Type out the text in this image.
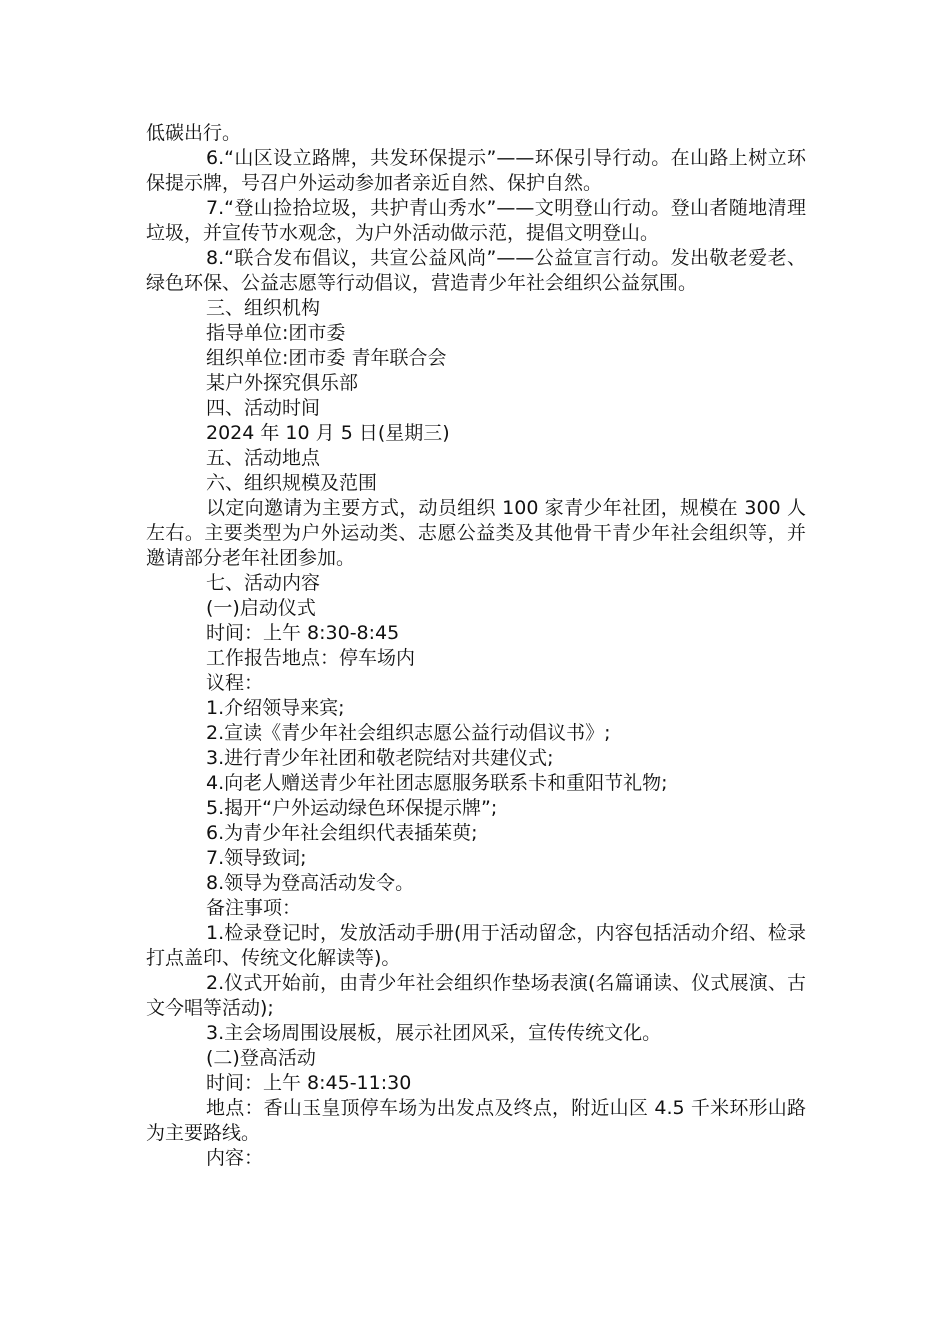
低碳出行。

6.“山区设立路牌，共发环保提示”——环保引导行动。在山路上树立环保提示牌，号召户外运动参加者亲近自然、保护自然。

7.“登山捡拾垃圾，共护青山秀水”——文明登山行动。登山者随地清理垃圾，并宣传节水观念，为户外活动做示范，提倡文明登山。

8.“联合发布倡议，共宣公益风尚”——公益宣言行动。发出敬老爱老、绿色环保、公益志愿等行动倡议，营造青少年社会组织公益氛围。

三、组织机构

指导单位:团市委

组织单位:团市委 青年联合会

某户外探究俱乐部

四、活动时间

2024 年 10 月 5 日(星期三)

五、活动地点

六、组织规模及范围

以定向邀请为主要方式，动员组织 100 家青少年社团，规模在 300 人左右。主要类型为户外运动类、志愿公益类及其他骨干青少年社会组织等，并邀请部分老年社团参加。

七、活动内容

(一)启动仪式

时间：上午 8:30-8:45

工作报告地点：停车场内

议程：

1.介绍领导来宾;

2.宣读《青少年社会组织志愿公益行动倡议书》;

3.进行青少年社团和敬老院结对共建仪式;

4.向老人赠送青少年社团志愿服务联系卡和重阳节礼物;

5.揭开“户外运动绿色环保提示牌”;

6.为青少年社会组织代表插茱萸;

7.领导致词;

8.领导为登高活动发令。

备注事项：

1.检录登记时，发放活动手册(用于活动留念，内容包括活动介绍、检录打点盖印、传统文化解读等)。

2.仪式开始前，由青少年社会组织作垫场表演(名篇诵读、仪式展演、古文今唱等活动);

3.主会场周围设展板，展示社团风采，宣传传统文化。

(二)登高活动

时间：上午 8:45-11:30

地点：香山玉皇顶停车场为出发点及终点，附近山区 4.5 千米环形山路为主要路线。

内容：
